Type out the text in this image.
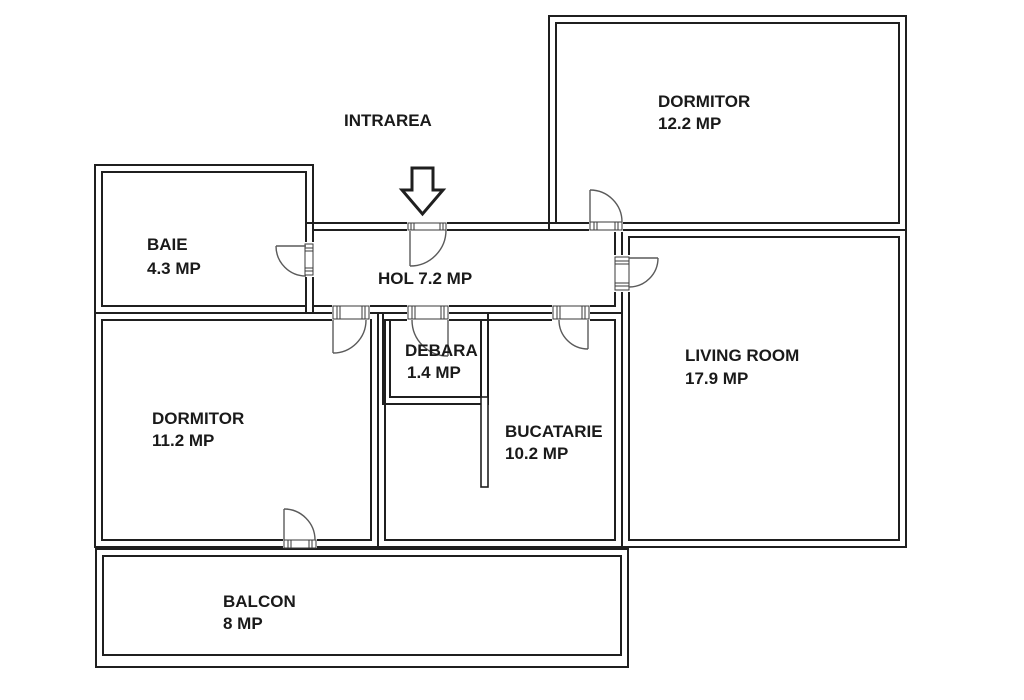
INTRAREA
DORMITOR
12.2 MP
BAIE
4.3 MP
HOL 7.2 MP
DEBARA
1.4 MP
LIVING ROOM
17.9 MP
DORMITOR
11.2 MP	BUCATARIE
10.2 MP
BALCON
8 MP
